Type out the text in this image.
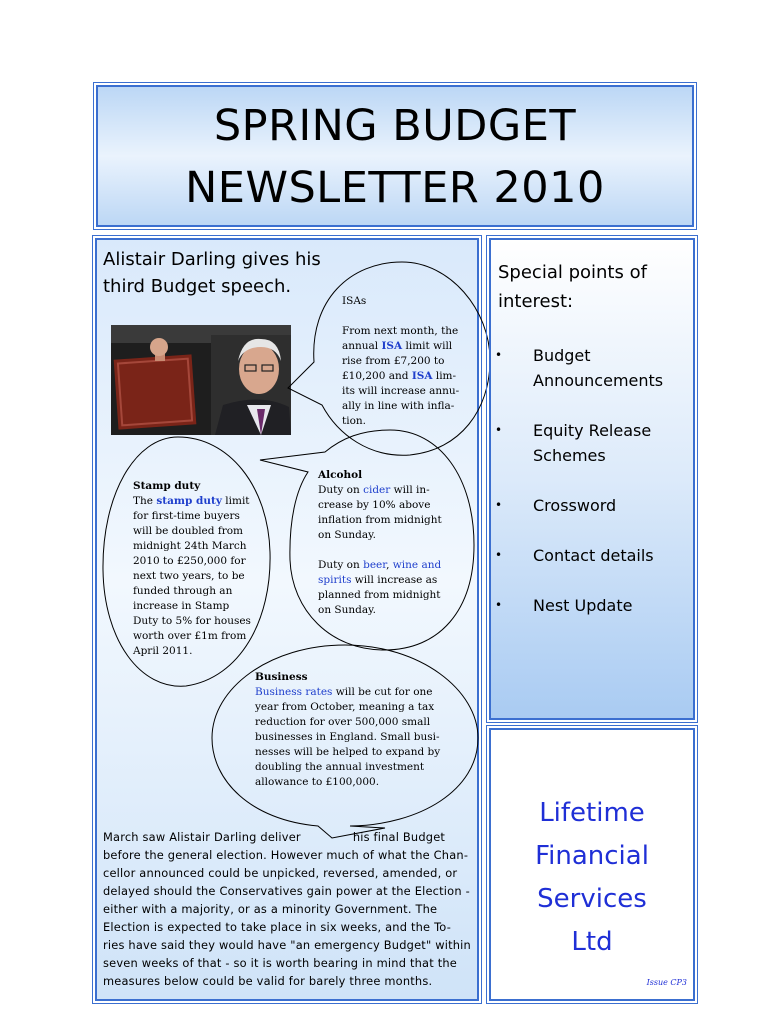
SPRING BUDGET
NEWSLETTER 2010
Alistair Darling gives his
third Budget speech.
March saw Alistair Darling deliver	his final Budget
before the general election. However much of what the Chan-
cellor announced could be unpicked, reversed, amended, or
delayed should the Conservatives gain power at the Election -
either with a majority, or as a minority Government. The
Election is expected to take place in six weeks, and the To-
ries have said they would have "an emergency Budget" within
seven weeks of that - so it is worth bearing in mind that the
measures below could be valid for barely three months.
ISAs
From next month, the
annual ISA limit will
rise from £7,200 to
£10,200 and ISA lim-
its will increase annu-
ally in line with infla-
tion.
Stamp duty
The stamp duty limit
for first-time buyers
will be doubled from
midnight 24th March
2010 to £250,000 for
next two years, to be
funded through an
increase in Stamp
Duty to 5% for houses
worth over £1m from
April 2011.
Alcohol
Duty on cider will in-
crease by 10% above
inflation from midnight
on Sunday.
Duty on beer, wine and
spirits will increase as
planned from midnight
on Sunday.
Business
Business rates will be cut for one
year from October, meaning a tax
reduction for over 500,000 small
businesses in England. Small busi-
nesses will be helped to expand by
doubling the annual investment
allowance to £100,000.
Special points of
interest:
• Budget
Announcements
• Equity Release
Schemes
• Crossword
• Contact details
• Nest Update
Lifetime
Financial
Services
Ltd
Issue CP3
